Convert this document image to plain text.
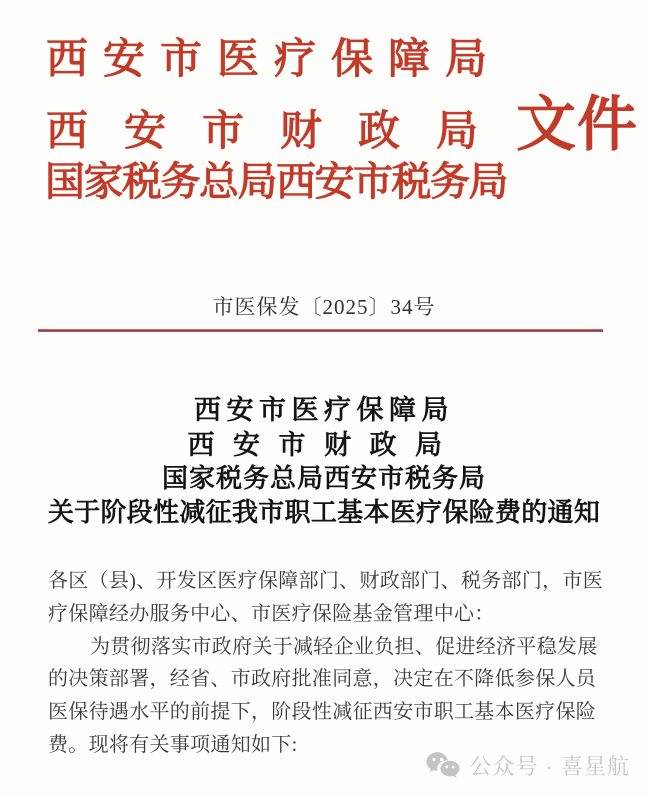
西安市医疗保障局
西安市财政局文件
国家税务总局西安市税务局
市医保发〔2025〕34号
西安市医疗保障局
西安市财政局
国家税务总局西安市税务局
关于阶段性减征我市职工基本医疗保险费的通知
各区（县)、开发区医疗保障部门、财政部门、税务部门，市医
疗保障经办服务中心、市医疗保险基金管理中心：
为贯彻落实市政府关于减轻企业负担、促进经济平稳发展
的决策部署，经省、市政府批准同意，决定在不降低参保人员
医保待遇水平的前提下，阶段性减征西安市职工基本医疗保险
费。现将有关事项通知如下:
公众号 · 喜星航
